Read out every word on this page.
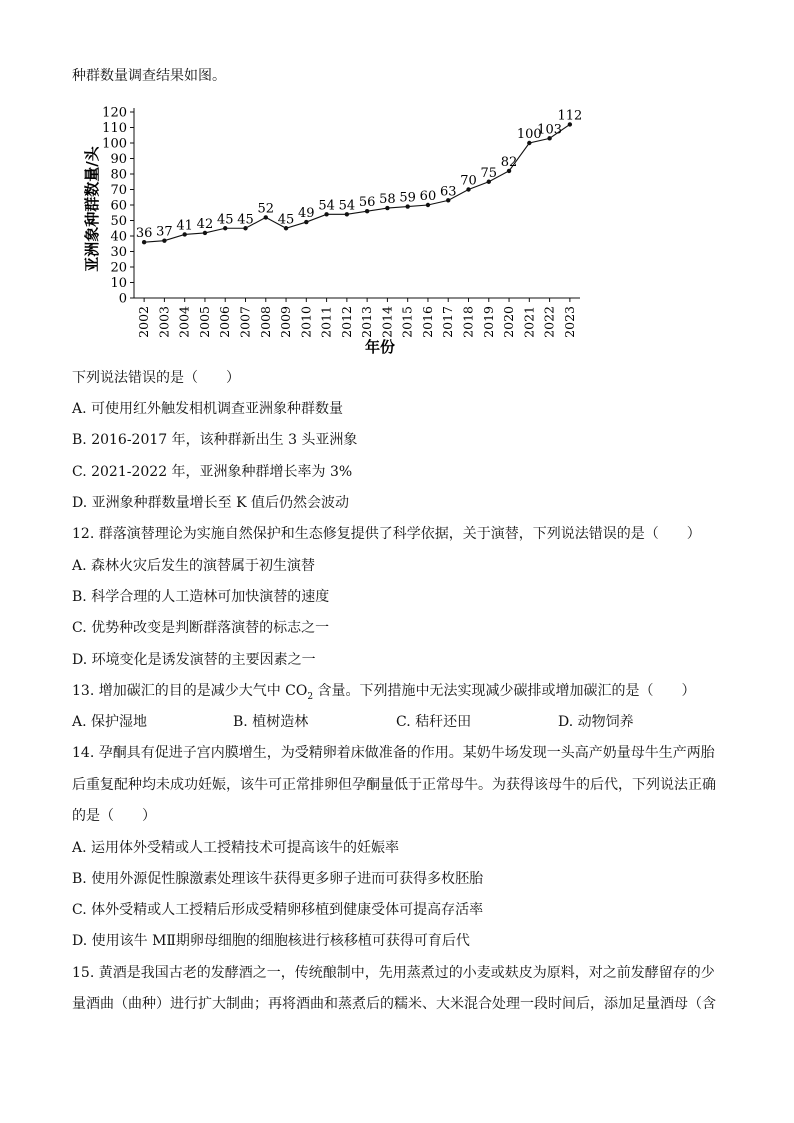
种群数量调查结果如图。
0
10
20
30
40
50
60
70
80
90
100
110
120
2002 2003 2004 2005 2006 2007 2008 2009 2010 2011 2012 2013 2014 2015 2016 2017 2018 2019 2020 2021 2022 2023
36 37 41 42 45 45
52
45 49
54 54 56 58 59 60 63
70
75
82
100
103
112
亚洲象种群数量/头
年份
下列说法错误的是（　　）
A. 可使用红外触发相机调查亚洲象种群数量
B. 2016-2017 年，该种群新出生 3 头亚洲象
C. 2021-2022 年，亚洲象种群增长率为 3%
D. 亚洲象种群数量增长至 K 值后仍然会波动
12. 群落演替理论为实施自然保护和生态修复提供了科学依据，关于演替，下列说法错误的是（　　）
A. 森林火灾后发生的演替属于初生演替
B. 科学合理的人工造林可加快演替的速度
C. 优势种改变是判断群落演替的标志之一
D. 环境变化是诱发演替的主要因素之一
13. 增加碳汇的目的是减少大气中 $CO_2$ 含量。下列措施中无法实现减少碳排或增加碳汇的是（　　）
A. 保护湿地	B. 植树造林	C. 秸秆还田	D. 动物饲养
14. 孕酮具有促进子宫内膜增生，为受精卵着床做准备的作用。某奶牛场发现一头高产奶量母牛生产两胎
后重复配种均未成功妊娠，该牛可正常排卵但孕酮量低于正常母牛。为获得该母牛的后代，下列说法正确
的是（　　）
A. 运用体外受精或人工授精技术可提高该牛的妊娠率
B. 使用外源促性腺激素处理该牛获得更多卵子进而可获得多枚胚胎
C. 体外受精或人工授精后形成受精卵移植到健康受体可提高存活率
D. 使用该牛 MⅡ期卵母细胞的细胞核进行核移植可获得可育后代
15. 黄酒是我国古老的发酵酒之一，传统酿制中，先用蒸煮过的小麦或麸皮为原料，对之前发酵留存的少
量酒曲（曲种）进行扩大制曲；再将酒曲和蒸煮后的糯米、大米混合处理一段时间后，添加足量酒母（含
